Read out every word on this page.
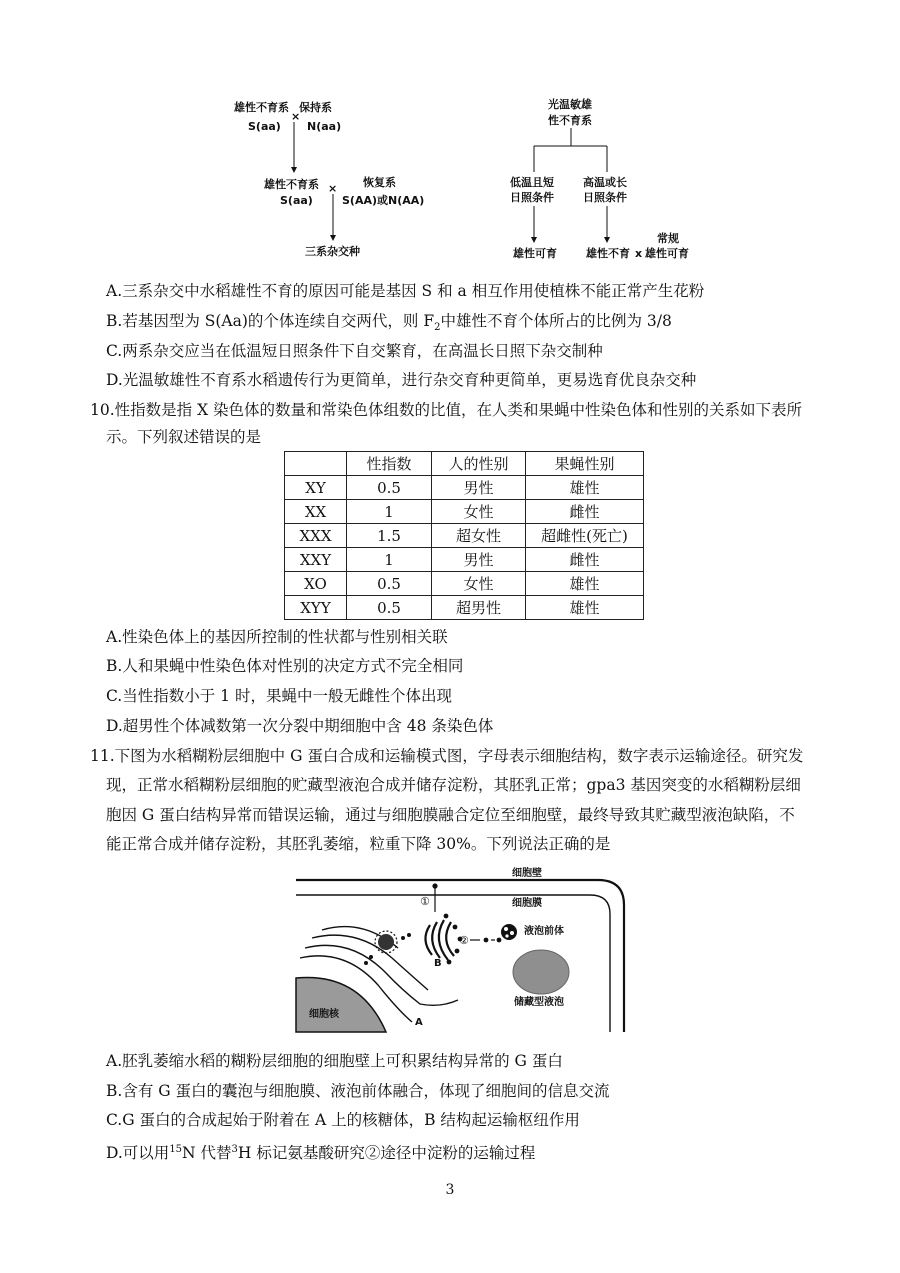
雄性不育系
S(aa)
×
保持系
N(aa)
雄性不育系
S(aa)
× 恢复系
S(AA)或N(AA)
三系杂交种
光温敏雄
性不育系
低温且短
日照条件
高温或长
日照条件
雄性可育	雄性不育 x
常规
雄性可育
A.三系杂交中水稻雄性不育的原因可能是基因 S 和 a 相互作用使植株不能正常产生花粉
B.若基因型为 S(Aa)的个体连续自交两代，则 $F_2$中雄性不育个体所占的比例为 3/8
C.两系杂交应当在低温短日照条件下自交繁育，在高温长日照下杂交制种
D.光温敏雄性不育系水稻遗传行为更简单，进行杂交育种更简单，更易选育优良杂交种
10.性指数是指 X 染色体的数量和常染色体组数的比值，在人类和果蝇中性染色体和性别的关系如下表所
示。下列叙述错误的是
	性指数	人的性别	果蝇性别
XY	0.5	男性	雄性
XX	1	女性	雌性
XXX	1.5	超女性	超雌性(死亡)
XXY	1	男性	雌性
XO	0.5	女性	雄性
XYY	0.5	超男性	雄性
A.性染色体上的基因所控制的性状都与性别相关联
B.人和果蝇中性染色体对性别的决定方式不完全相同
C.当性指数小于 1 时，果蝇中一般无雌性个体出现
D.超男性个体减数第一次分裂中期细胞中含 48 条染色体
11.下图为水稻糊粉层细胞中 G 蛋白合成和运输模式图，字母表示细胞结构，数字表示运输途径。研究发
现，正常水稻糊粉层细胞的贮藏型液泡合成并储存淀粉，其胚乳正常；gpa3 基因突变的水稻糊粉层细
胞因 G 蛋白结构异常而错误运输，通过与细胞膜融合定位至细胞壁，最终导致其贮藏型液泡缺陷，不
能正常合成并储存淀粉，其胚乳萎缩，粒重下降 30%。下列说法正确的是
细胞壁
细胞膜
细胞核
液泡前体
储藏型液泡
①
②
A
B
A.胚乳萎缩水稻的糊粉层细胞的细胞壁上可积累结构异常的 G 蛋白
B.含有 G 蛋白的囊泡与细胞膜、液泡前体融合，体现了细胞间的信息交流
C.G 蛋白的合成起始于附着在 A 上的核糖体，B 结构起运输枢纽作用
D.可以用$^{15}$N 代替$^3$H 标记氨基酸研究②途径中淀粉的运输过程
3
